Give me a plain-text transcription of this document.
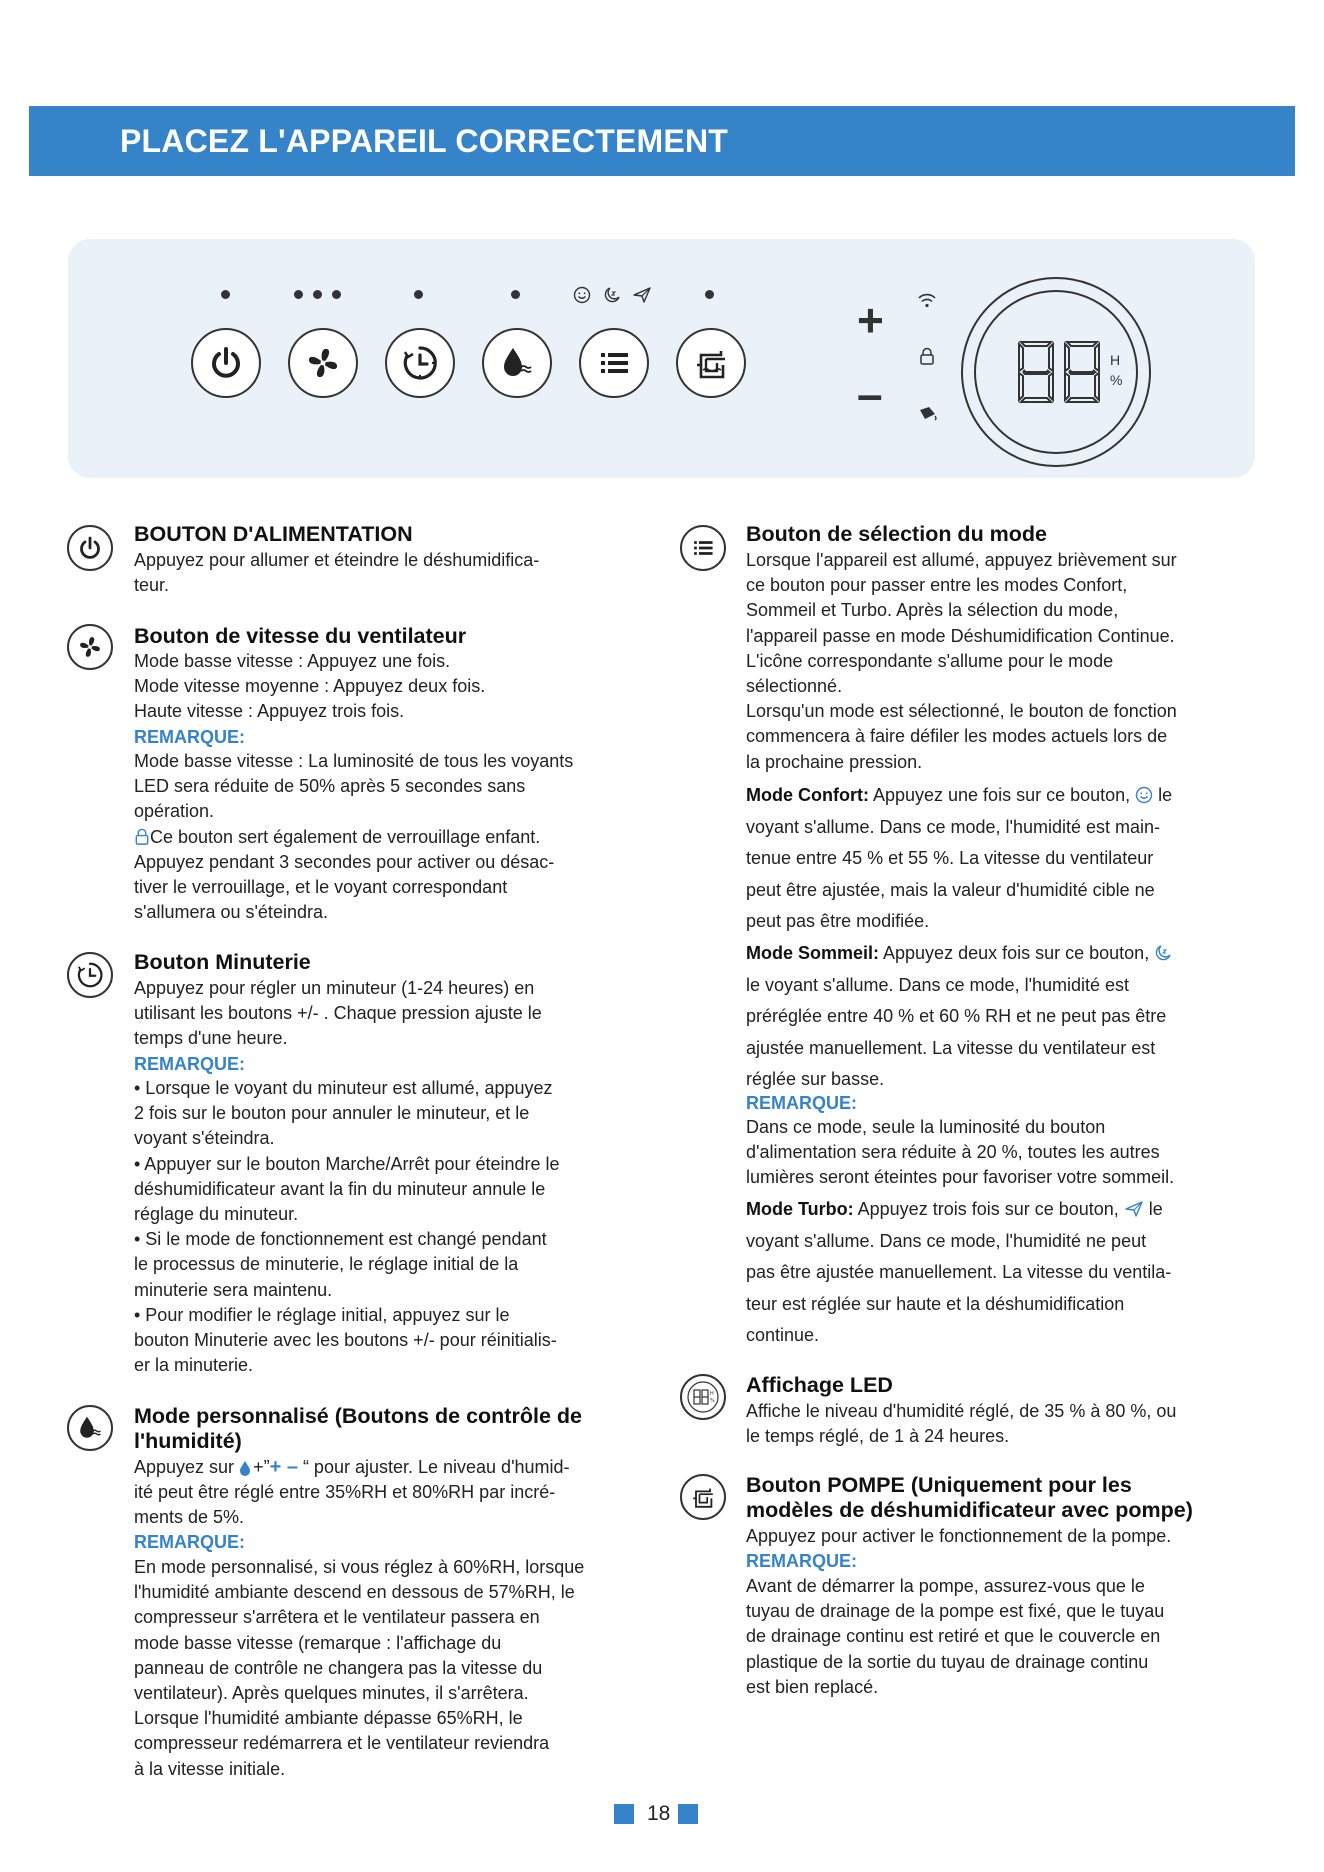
PLACEZ L'APPAREIL CORRECTEMENT
+
–
H
%
BOUTON D'ALIMENTATION
Appuyez pour allumer et éteindre le déshumidifica-
teur.
Bouton de vitesse du ventilateur
Mode basse vitesse : Appuyez une fois.
Mode vitesse moyenne : Appuyez deux fois.
Haute vitesse : Appuyez trois fois.
REMARQUE:
Mode basse vitesse : La luminosité de tous les voyants
LED sera réduite de 50% après 5 secondes sans
opération.
Ce bouton sert également de verrouillage enfant.
Appuyez pendant 3 secondes pour activer ou désac-
tiver le verrouillage, et le voyant correspondant
s'allumera ou s'éteindra.
Bouton Minuterie
Appuyez pour régler un minuteur (1-24 heures) en
utilisant les boutons +/- . Chaque pression ajuste le
temps d'une heure.
REMARQUE:
• Lorsque le voyant du minuteur est allumé, appuyez
2 fois sur le bouton pour annuler le minuteur, et le
voyant s'éteindra.
• Appuyer sur le bouton Marche/Arrêt pour éteindre le
déshumidificateur avant la fin du minuteur annule le
réglage du minuteur.
• Si le mode de fonctionnement est changé pendant
le processus de minuterie, le réglage initial de la
minuterie sera maintenu.
• Pour modifier le réglage initial, appuyez sur le
bouton Minuterie avec les boutons +/- pour réinitialis-
er la minuterie.
Mode personnalisé (Boutons de contrôle de
l'humidité)
Appuyez sur +”+ – “ pour ajuster. Le niveau d'humid-
ité peut être réglé entre 35%RH et 80%RH par incré-
ments de 5%.
REMARQUE:
En mode personnalisé, si vous réglez à 60%RH, lorsque
l'humidité ambiante descend en dessous de 57%RH, le
compresseur s'arrêtera et le ventilateur passera en
mode basse vitesse (remarque : l'affichage du
panneau de contrôle ne changera pas la vitesse du
ventilateur). Après quelques minutes, il s'arrêtera.
Lorsque l'humidité ambiante dépasse 65%RH, le
compresseur redémarrera et le ventilateur reviendra
à la vitesse initiale.
Bouton de sélection du mode
Lorsque l'appareil est allumé, appuyez brièvement sur
ce bouton pour passer entre les modes Confort,
Sommeil et Turbo. Après la sélection du mode,
l'appareil passe en mode Déshumidification Continue.
L'icône correspondante s'allume pour le mode
sélectionné.
Lorsqu'un mode est sélectionné, le bouton de fonction
commencera à faire défiler les modes actuels lors de
la prochaine pression.
Mode Confort: Appuyez une fois sur ce bouton,  le
voyant s'allume. Dans ce mode, l'humidité est main-
tenue entre 45 % et 55 %. La vitesse du ventilateur
peut être ajustée, mais la valeur d'humidité cible ne
peut pas être modifiée.
Mode Sommeil: Appuyez deux fois sur ce bouton,
le voyant s'allume. Dans ce mode, l'humidité est
préréglée entre 40 % et 60 % RH et ne peut pas être
ajustée manuellement. La vitesse du ventilateur est
réglée sur basse.
REMARQUE:
Dans ce mode, seule la luminosité du bouton
d'alimentation sera réduite à 20 %, toutes les autres
lumières seront éteintes pour favoriser votre sommeil.
Mode Turbo: Appuyez trois fois sur ce bouton,  le
voyant s'allume. Dans ce mode, l'humidité ne peut
pas être ajustée manuellement. La vitesse du ventila-
teur est réglée sur haute et la déshumidification
continue.
H
%
Affichage LED
Affiche le niveau d'humidité réglé, de 35 % à 80 %, ou
le temps réglé, de 1 à 24 heures.
Bouton POMPE (Uniquement pour les
modèles de déshumidificateur avec pompe)
Appuyez pour activer le fonctionnement de la pompe.
REMARQUE:
Avant de démarrer la pompe, assurez-vous que le
tuyau de drainage de la pompe est fixé, que le tuyau
de drainage continu est retiré et que le couvercle en
plastique de la sortie du tuyau de drainage continu
est bien replacé.
18
